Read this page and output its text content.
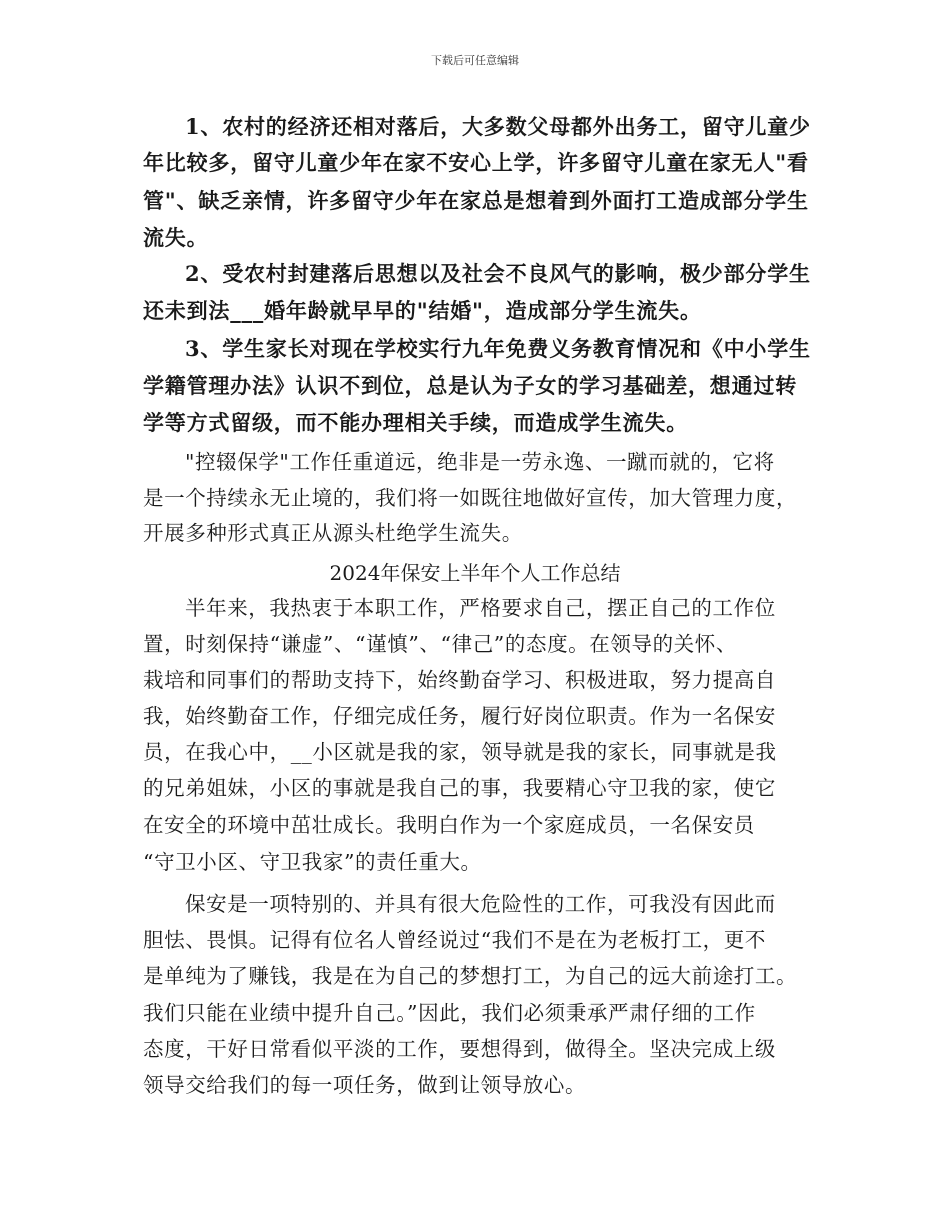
下载后可任意编辑
1、农村的经济还相对落后，大多数父母都外出务工，留守儿童少
年比较多，留守儿童少年在家不安心上学，许多留守儿童在家无人"看
管"、缺乏亲情，许多留守少年在家总是想着到外面打工造成部分学生
流失。
2、受农村封建落后思想以及社会不良风气的影响，极少部分学生
还未到法___婚年龄就早早的"结婚"，造成部分学生流失。
3、学生家长对现在学校实行九年免费义务教育情况和《中小学生
学籍管理办法》认识不到位，总是认为子女的学习基础差，想通过转
学等方式留级，而不能办理相关手续，而造成学生流失。
"控辍保学"工作任重道远，绝非是一劳永逸、一蹴而就的，它将
是一个持续永无止境的，我们将一如既往地做好宣传，加大管理力度，
开展多种形式真正从源头杜绝学生流失。
2024年保安上半年个人工作总结
半年来，我热衷于本职工作，严格要求自己，摆正自己的工作位
置，时刻保持“谦虚”、“谨慎”、“律己”的态度。在领导的关怀、
栽培和同事们的帮助支持下，始终勤奋学习、积极进取，努力提高自
我，始终勤奋工作，仔细完成任务，履行好岗位职责。作为一名保安
员，在我心中，__小区就是我的家，领导就是我的家长，同事就是我
的兄弟姐妹，小区的事就是我自己的事，我要精心守卫我的家，使它
在安全的环境中茁壮成长。我明白作为一个家庭成员，一名保安员
“守卫小区、守卫我家”的责任重大。
保安是一项特别的、并具有很大危险性的工作，可我没有因此而
胆怯、畏惧。记得有位名人曾经说过“我们不是在为老板打工，更不
是单纯为了赚钱，我是在为自己的梦想打工，为自己的远大前途打工。
我们只能在业绩中提升自己。”因此，我们必须秉承严肃仔细的工作
态度，干好日常看似平淡的工作，要想得到，做得全。坚决完成上级
领导交给我们的每一项任务，做到让领导放心。
